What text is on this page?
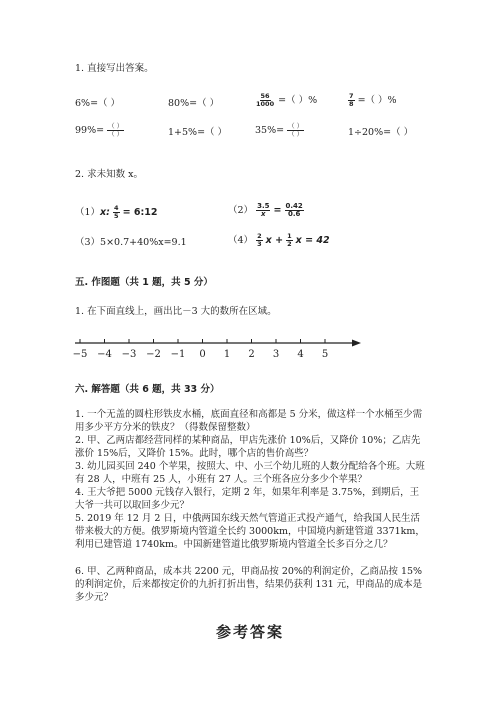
1. 直接写出答案。
6%=（ ）	80%=（ ）	$\frac{56}{1000}$ =（ ）%	$\frac{7}{8}$ =（ ）%
$99\%= \frac{( )}{( )}$	1+5%=（ ）	$35\%= \frac{( )}{( )}$	1÷20%=（ ）
2. 求未知数 x。
（1）x: $\frac{4}{5}$ = 6:12	$(2) \frac{3.5}{x} = \frac{0.42}{0.6}$
（3）5×0.7+40%x=9.1	$(4) \frac{2}{3}$ $x + \frac{1}{2}$ x = 42
五. 作图题（共 1 题，共 5 分）
1. 在下面直线上，画出比－3 大的数所在区域。
−5 −4 −3 −2 −1 0 1 2 3 4 5
六. 解答题（共 6 题，共 33 分）
1. 一个无盖的圆柱形铁皮水桶，底面直径和高都是 5 分米，做这样一个水桶至少需用多少平方分米的铁皮？（得数保留整数）
2. 甲、乙两店都经营同样的某种商品，甲店先涨价 10%后，又降价 10%；乙店先涨价 15%后，又降价 15%。此时，哪个店的售价高些？
3. 幼儿园买回 240 个苹果，按照大、中、小三个幼儿班的人数分配给各个班。大班有 28 人，中班有 25 人，小班有 27 人。三个班各应分多少个苹果？
4. 王大爷把 5000 元钱存入银行，定期 2 年，如果年利率是 3.75%，到期后，王大爷一共可以取回多少元？
5. 2019 年 12 月 2 日，中俄两国东线天然气管道正式投产通气，给我国人民生活带来极大的方便。俄罗斯境内管道全长约 3000km，中国境内新建管道 3371km，利用已建管道 1740km。中国新建管道比俄罗斯境内管道全长多百分之几？
6. 甲、乙两种商品，成本共 2200 元，甲商品按 20%的利润定价，乙商品按 15%的利润定价，后来都按定价的九折打折出售，结果仍获利 131 元，甲商品的成本是多少元？
参考答案
